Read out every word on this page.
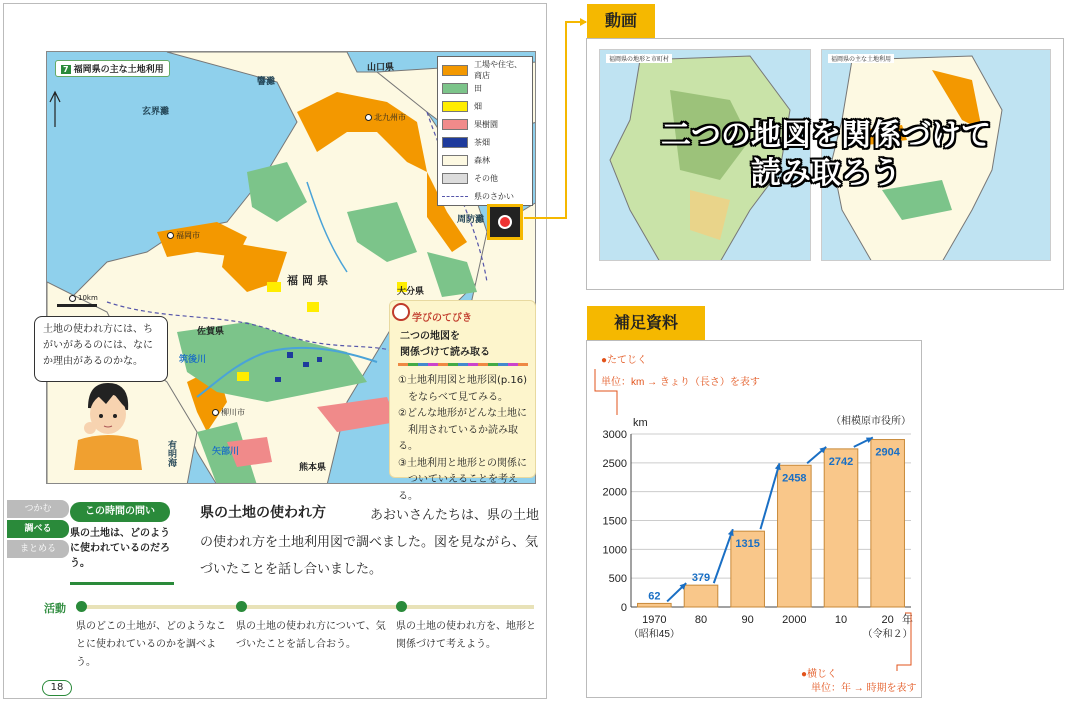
7 福岡県の主な土地利用
工場や住宅、商店
田
畑
果樹園
茶畑
森林
その他
県のさかい
山口県
響灘
玄界灘
北九州市
福岡市
福岡県
周防灘
大分県
佐賀県
熊本県
柳川市
有明海
筑後川
矢部川
10km
土地の使われ方には、ちがいがあるのには、なにか理由があるのかな。
学びのてびき
二つの地図を
関係づけて読み取る
①土地利用図と地形図(p.16)
　をならべて見てみる。
②どんな地形がどんな土地に
　利用されているか読み取る。
③土地利用と地形との関係に
　ついていえることを考える。
つかむ
調べる
まとめる
この時間の問い
県の土地は、どのように使われているのだろう。
県の土地の使われ方	あおいさんたちは、県の土地の使われ方を土地利用図で調べました。図を見ながら、気づいたことを話し合いました。
活動
県のどこの土地が、どのようなことに使われているのかを調べよう。
県の土地の使われ方について、気づいたことを話し合おう。
県の土地の使われ方を、地形と関係づけて考えよう。
18
動画
福岡県の地形と市町村	福岡県の主な土地利用
二つの地図を関係づけて
読み取ろう
補足資料
●たてじく
単位：km → きょり（長さ）を表す
0
500
1000
1500
2000
2500
3000
km	（相模原市役所）
62
1970
（昭和45）
379
80
1315
90
2458
2000
2742
10
2904
20
（令和２）
年
●横じく
単位：年 → 時期を表す
